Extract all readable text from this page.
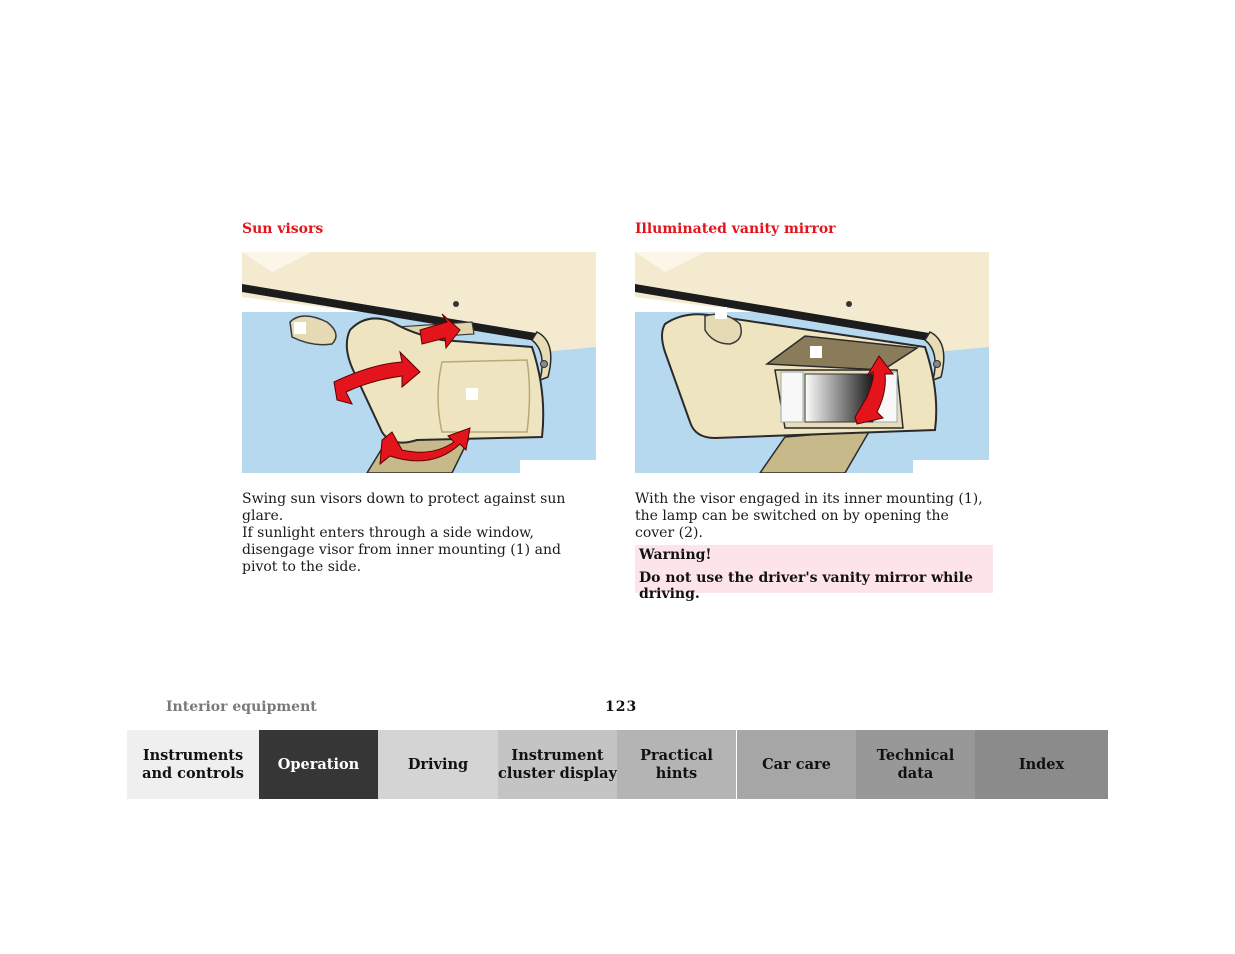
Sun visors
Swing sun visors down to protect against sun glare.
If sunlight enters through a side window, disengage visor from inner mounting (1) and pivot to the side.
Illuminated vanity mirror
With the visor engaged in its inner mounting (1), the lamp can be switched on by opening the cover (2).
Warning!
Do not use the driver's vanity mirror while driving.
Interior equipment	123
Instruments
and controls
Operation	Driving
Instrument
cluster display
Practical hints
Car care
Technical
data
Index
